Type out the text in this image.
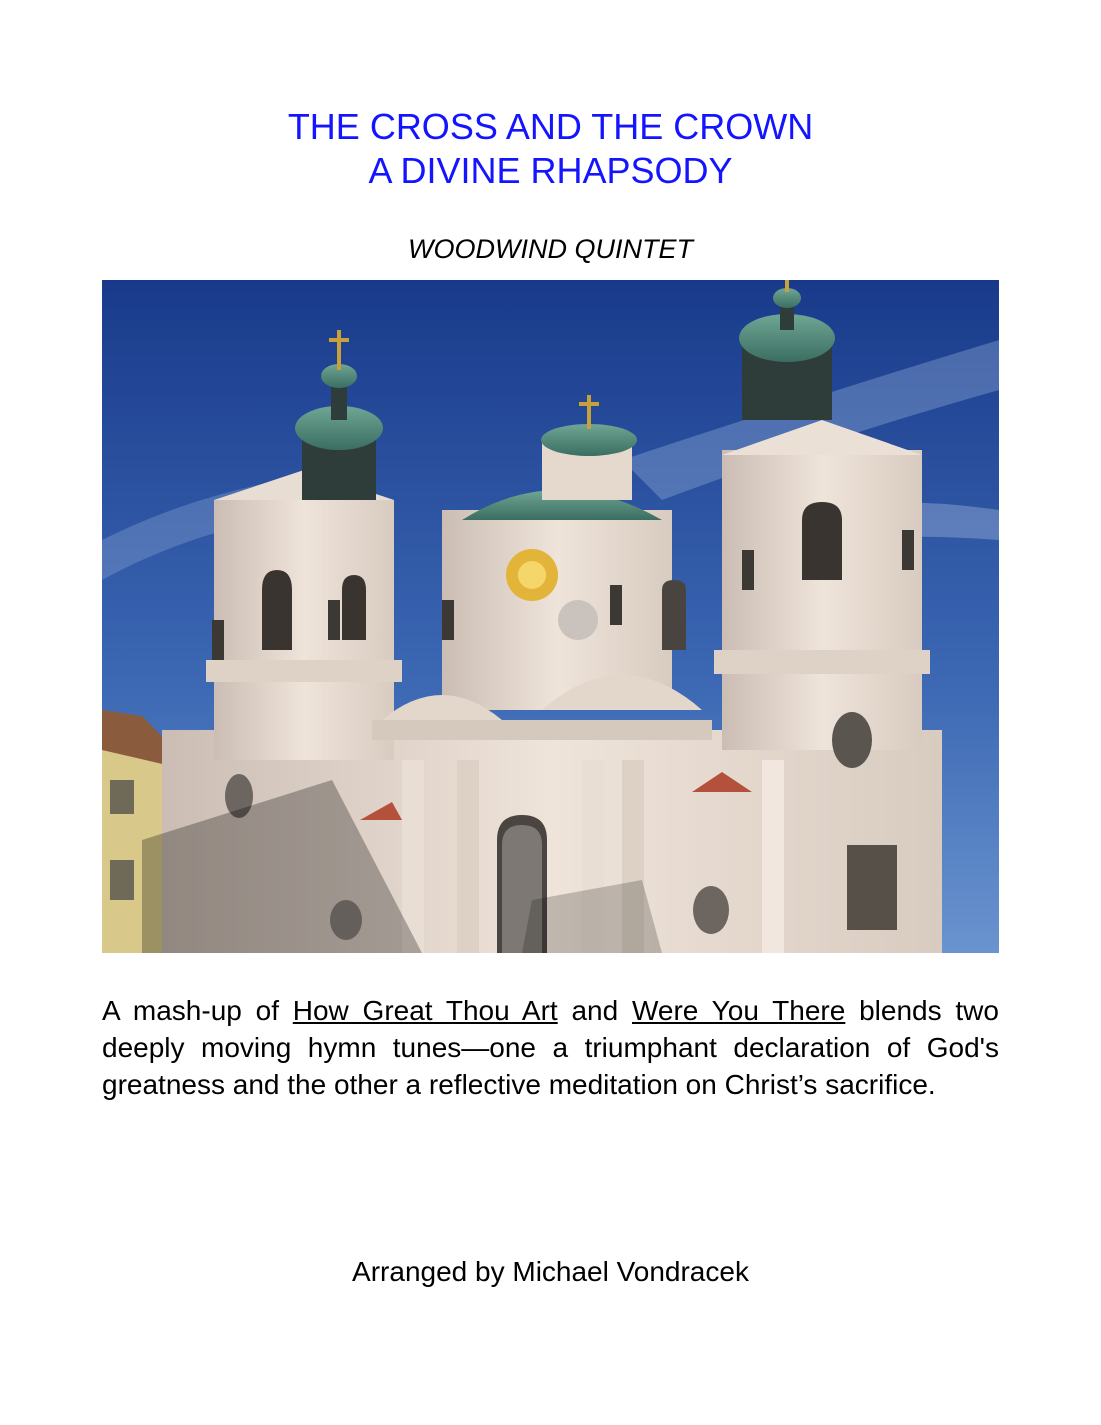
THE CROSS AND THE CROWN
A DIVINE RHAPSODY
WOODWIND QUINTET

A mash-up of How Great Thou Art and Were You There blends two deeply moving hymn tunes—one a triumphant declaration of God's greatness and the other a reflective meditation on Christ’s sacrifice.

Arranged by Michael Vondracek
